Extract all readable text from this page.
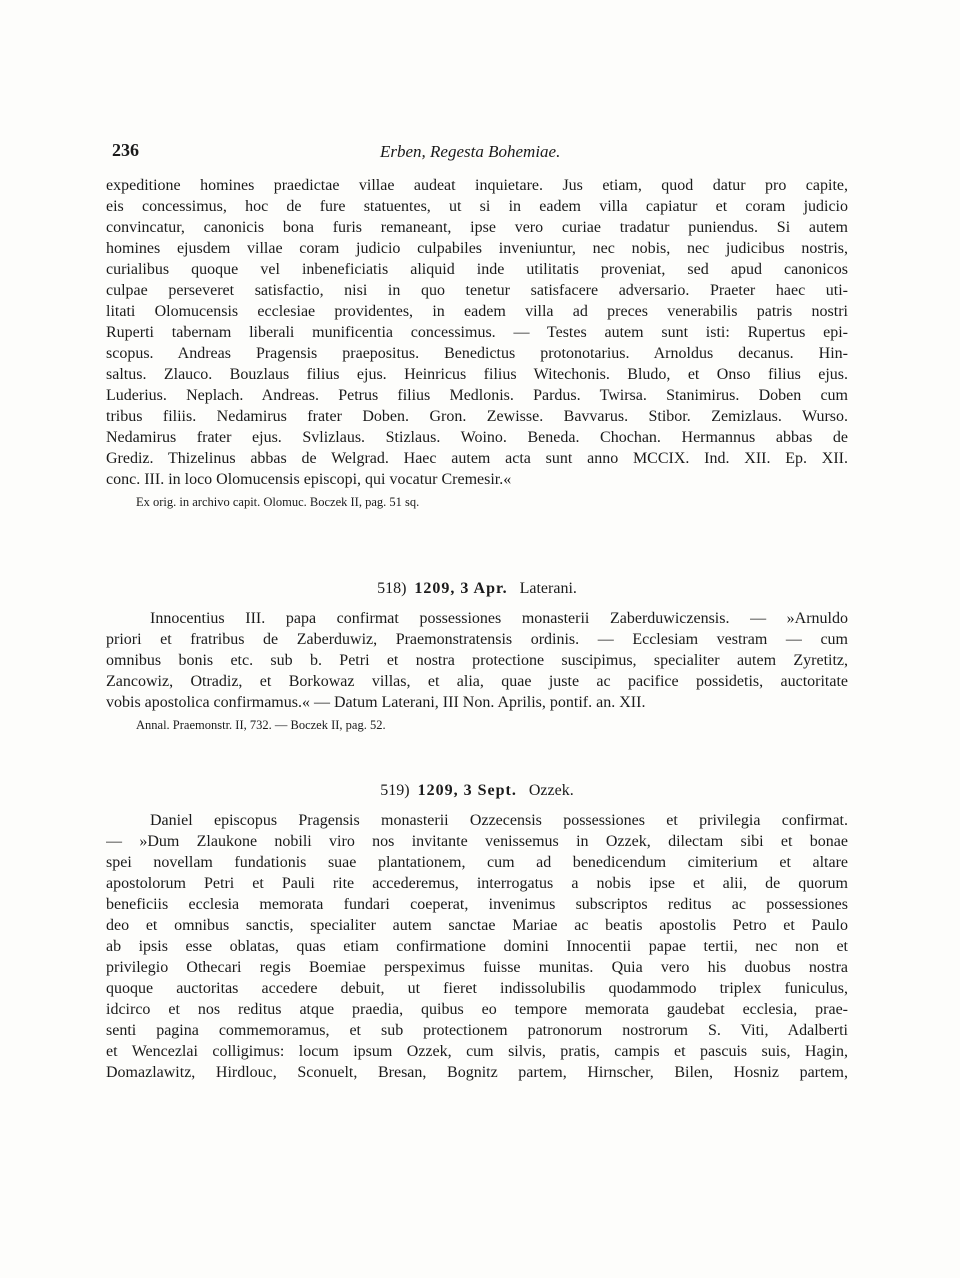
236	Erben, Regesta Bohemiae.
expeditione homines praedictae villae audeat inquietare. Jus etiam, quod datur pro capite,
eis concessimus, hoc de fure statuentes, ut si in eadem villa capiatur et coram judicio
convincatur, canonicis bona furis remaneant, ipse vero curiae tradatur puniendus. Si autem
homines ejusdem villae coram judicio culpabiles inveniuntur, nec nobis, nec judicibus nostris,
curialibus quoque vel inbeneficiatis aliquid inde utilitatis proveniat, sed apud canonicos
culpae perseveret satisfactio, nisi in quo tenetur satisfacere adversario. Praeter haec uti-
litati Olomucensis ecclesiae providentes, in eadem villa ad preces venerabilis patris nostri
Ruperti tabernam liberali munificentia concessimus. — Testes autem sunt isti: Rupertus epi-
scopus. Andreas Pragensis praepositus. Benedictus protonotarius. Arnoldus decanus. Hin-
saltus. Zlauco. Bouzlaus filius ejus. Heinricus filius Witechonis. Bludo, et Onso filius ejus.
Luderius. Neplach. Andreas. Petrus filius Medlonis. Pardus. Twirsa. Stanimirus. Doben cum
tribus filiis. Nedamirus frater Doben. Gron. Zewisse. Bavvarus. Stibor. Zemizlaus. Wurso.
Nedamirus frater ejus. Svlizlaus. Stizlaus. Woino. Beneda. Chochan. Hermannus abbas de
Grediz. Thizelinus abbas de Welgrad. Haec autem acta sunt anno MCCIX. Ind. XII. Ep. XII.
conc. III. in loco Olomucensis episcopi, qui vocatur Cremesir.«
Ex orig. in archivo capit. Olomuc. Boczek II, pag. 51 sq.
518) 1209, 3 Apr. Laterani.
Innocentius III. papa confirmat possessiones monasterii Zaberduwiczensis. — »Arnuldo
priori et fratribus de Zaberduwiz, Praemonstratensis ordinis. — Ecclesiam vestram — cum
omnibus bonis etc. sub b. Petri et nostra protectione suscipimus, specialiter autem Zyretitz,
Zancowiz, Otradiz, et Borkowaz villas, et alia, quae juste ac pacifice possidetis, auctoritate
vobis apostolica confirmamus.« — Datum Laterani, III Non. Aprilis, pontif. an. XII.
Annal. Praemonstr. II, 732. — Boczek II, pag. 52.
519) 1209, 3 Sept. Ozzek.
Daniel episcopus Pragensis monasterii Ozzecensis possessiones et privilegia confirmat.
— »Dum Zlaukone nobili viro nos invitante venissemus in Ozzek, dilectam sibi et bonae
spei novellam fundationis suae plantationem, cum ad benedicendum cimiterium et altare
apostolorum Petri et Pauli rite accederemus, interrogatus a nobis ipse et alii, de quorum
beneficiis ecclesia memorata fundari coeperat, invenimus subscriptos reditus ac possessiones
deo et omnibus sanctis, specialiter autem sanctae Mariae ac beatis apostolis Petro et Paulo
ab ipsis esse oblatas, quas etiam confirmatione domini Innocentii papae tertii, nec non et
privilegio Othecari regis Boemiae perspeximus fuisse munitas. Quia vero his duobus nostra
quoque auctoritas accedere debuit, ut fieret indissolubilis quodammodo triplex funiculus,
idcirco et nos reditus atque praedia, quibus eo tempore memorata gaudebat ecclesia, prae-
senti pagina commemoramus, et sub protectionem patronorum nostrorum S. Viti, Adalberti
et Wencezlai colligimus: locum ipsum Ozzek, cum silvis, pratis, campis et pascuis suis, Hagin,
Domazlawitz, Hirdlouc, Sconuelt, Bresan, Bognitz partem, Hirnscher, Bilen, Hosniz partem,
